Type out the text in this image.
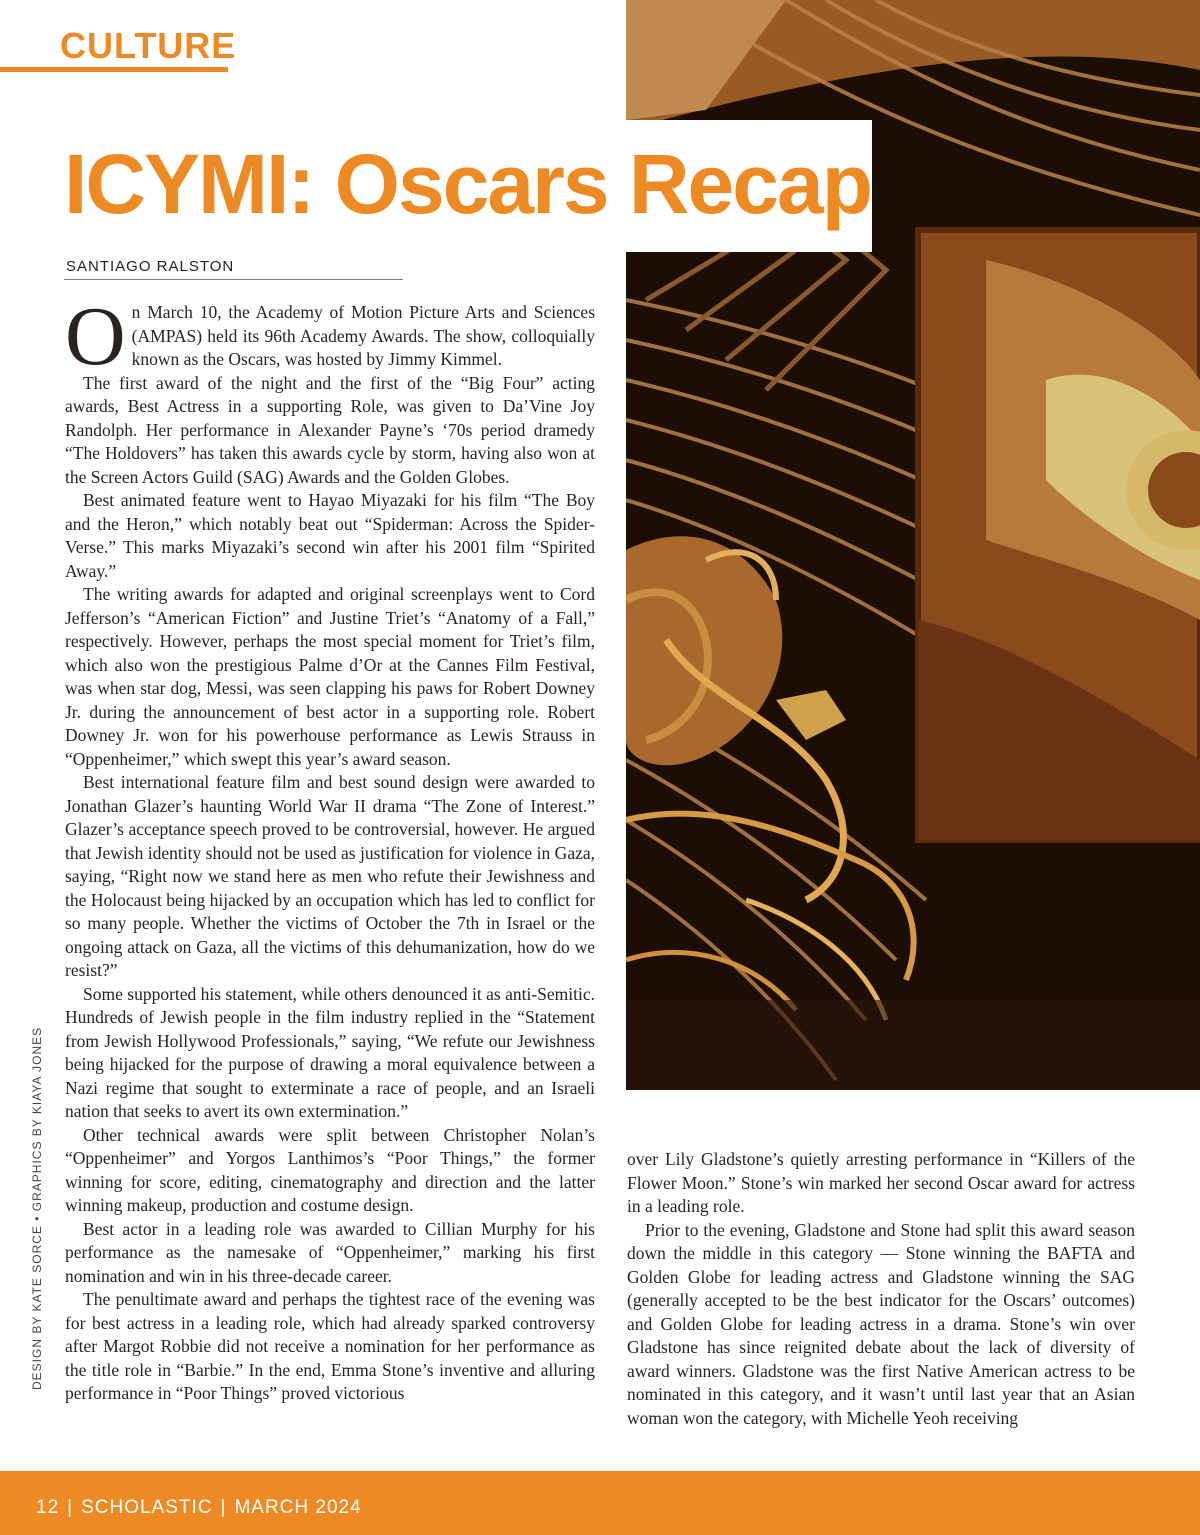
CULTURE
ICYMI: Oscars Recap
SANTIAGO RALSTON

On March 10, the Academy of Motion Picture Arts and Sciences (AMPAS) held its 96th Academy Awards. The show, colloquially known as the Oscars, was hosted by Jimmy Kimmel.

The first award of the night and the first of the “Big Four” acting awards, Best Actress in a supporting Role, was given to Da’Vine Joy Randolph. Her performance in Alexander Payne’s ‘70s period dramedy “The Holdovers” has taken this awards cycle by storm, having also won at the Screen Actors Guild (SAG) Awards and the Golden Globes.

Best animated feature went to Hayao Miyazaki for his film “The Boy and the Heron,” which notably beat out “Spiderman: Across the Spider-Verse.” This marks Miyazaki’s second win after his 2001 film “Spirited Away.”

The writing awards for adapted and original screenplays went to Cord Jefferson’s “American Fiction” and Justine Triet’s “Anatomy of a Fall,” respectively. However, perhaps the most special moment for Triet’s film, which also won the prestigious Palme d’Or at the Cannes Film Festival, was when star dog, Messi, was seen clapping his paws for Robert Downey Jr. during the announcement of best actor in a supporting role. Robert Downey Jr. won for his powerhouse performance as Lewis Strauss in “Oppenheimer,” which swept this year’s award season.

Best international feature film and best sound design were awarded to Jonathan Glazer’s haunting World War II drama “The Zone of Interest.” Glazer’s acceptance speech proved to be controversial, however. He argued that Jewish identity should not be used as justification for violence in Gaza, saying, “Right now we stand here as men who refute their Jewishness and the Holocaust being hijacked by an occupation which has led to conflict for so many people. Whether the victims of October the 7th in Israel or the ongoing attack on Gaza, all the victims of this dehumanization, how do we resist?”

Some supported his statement, while others denounced it as anti-Semitic. Hundreds of Jewish people in the film industry replied in the “Statement from Jewish Hollywood Professionals,” saying, “We refute our Jewishness being hijacked for the purpose of drawing a moral equivalence between a Nazi regime that sought to exterminate a race of people, and an Israeli nation that seeks to avert its own extermination.”

Other technical awards were split between Christopher Nolan’s “Oppenheimer” and Yorgos Lanthimos’s “Poor Things,” the former winning for score, editing, cinematography and direction and the latter winning makeup, production and costume design.

Best actor in a leading role was awarded to Cillian Murphy for his performance as the namesake of “Oppenheimer,” marking his first nomination and win in his three-decade career.

The penultimate award and perhaps the tightest race of the evening was for best actress in a leading role, which had already sparked controversy after Margot Robbie did not receive a nomination for her performance as the title role in “Barbie.” In the end, Emma Stone’s inventive and alluring performance in “Poor Things” proved victorious

over Lily Gladstone’s quietly arresting performance in “Killers of the Flower Moon.” Stone’s win marked her second Oscar award for actress in a leading role.

Prior to the evening, Gladstone and Stone had split this award season down the middle in this category — Stone winning the BAFTA and Golden Globe for leading actress and Gladstone winning the SAG (generally accepted to be the best indicator for the Oscars’ outcomes) and Golden Globe for leading actress in a drama. Stone’s win over Gladstone has since reignited debate about the lack of diversity of award winners. Gladstone was the first Native American actress to be nominated in this category, and it wasn’t until last year that an Asian woman won the category, with Michelle Yeoh receiving

DESIGN BY KATE SORCE • GRAPHICS BY KIAYA JONES
12 | SCHOLASTIC | MARCH 2024
